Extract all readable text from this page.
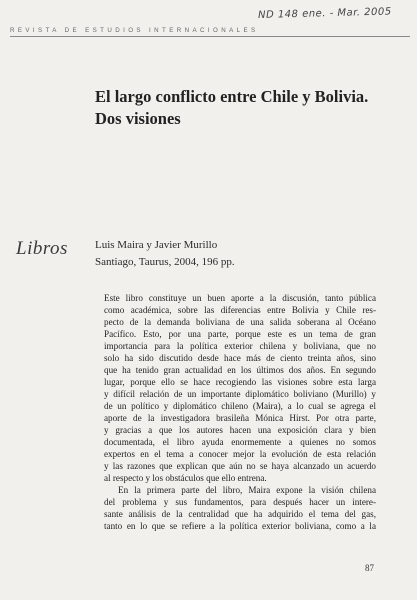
ND 148 ene. - Mar. 2005
REVISTA DE ESTUDIOS INTERNACIONALES
El largo conflicto entre Chile y Bolivia.
Dos visiones
Libros Luis Maira y Javier Murillo
Santiago, Taurus, 2004, 196 pp.

Este libro constituye un buen aporte a la discusión, tanto pública

como académica, sobre las diferencias entre Bolivia y Chile res-

pecto de la demanda boliviana de una salida soberana al Océano

Pacífico. Esto, por una parte, porque este es un tema de gran

importancia para la política exterior chilena y boliviana, que no

solo ha sido discutido desde hace más de ciento treinta años, sino

que ha tenido gran actualidad en los últimos dos años. En segundo

lugar, porque ello se hace recogiendo las visiones sobre esta larga

y difícil relación de un importante diplomático boliviano (Murillo) y

de un político y diplomático chileno (Maira), a lo cual se agrega el

aporte de la investigadora brasileña Mónica Hirst. Por otra parte,

y gracias a que los autores hacen una exposición clara y bien

documentada, el libro ayuda enormemente a quienes no somos

expertos en el tema a conocer mejor la evolución de esta relación

y las razones que explican que aún no se haya alcanzado un acuerdo

al respecto y los obstáculos que ello entrena.

En la primera parte del libro, Maira expone la visión chilena

del problema y sus fundamentos, para después hacer un intere-

sante análisis de la centralidad que ha adquirido el tema del gas,

tanto en lo que se refiere a la política exterior boliviana, como a la

87
